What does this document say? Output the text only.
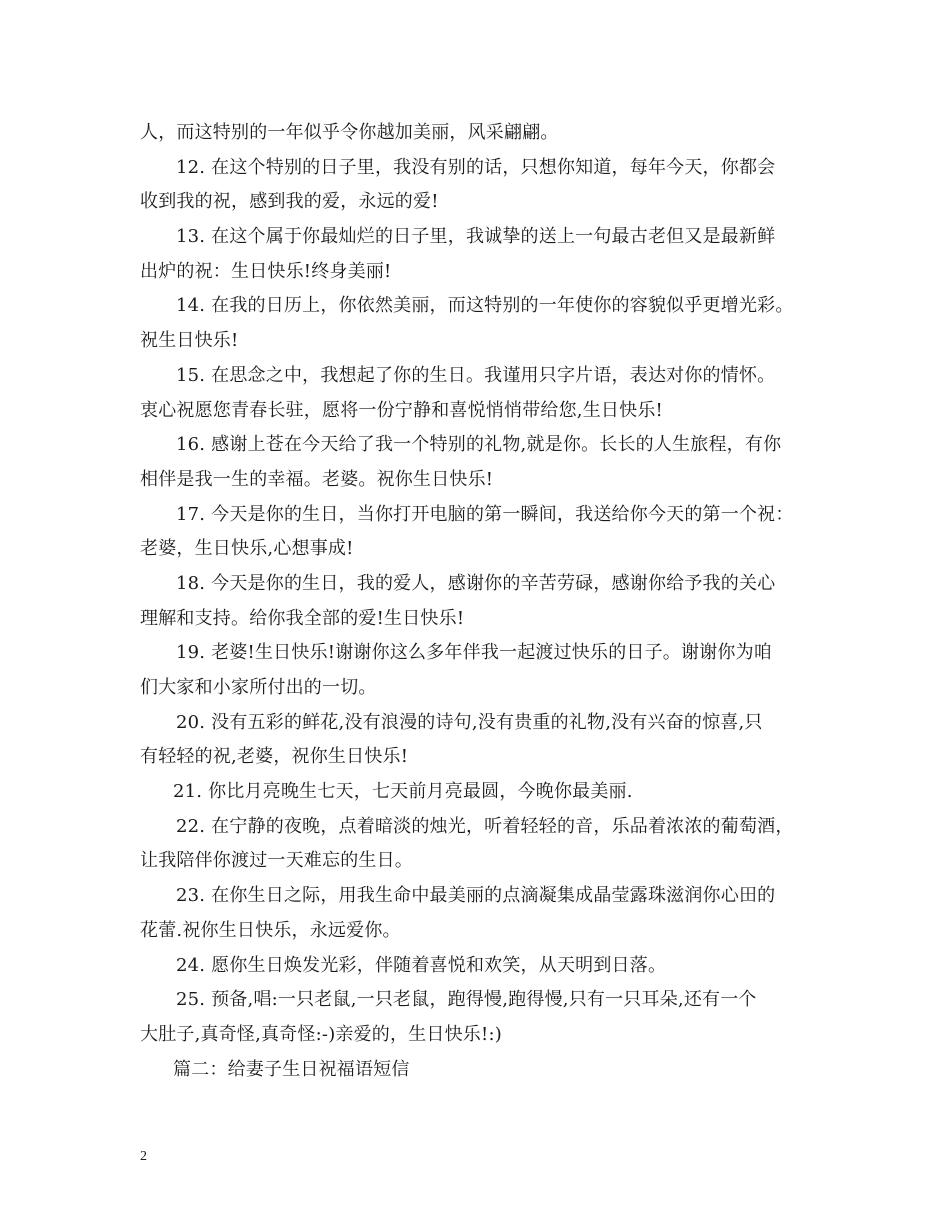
人，而这特别的一年似乎令你越加美丽，风采翩翩。
12. 在这个特别的日子里，我没有别的话，只想你知道，每年今天，你都会
收到我的祝，感到我的爱，永远的爱!
13. 在这个属于你最灿烂的日子里，我诚挚的送上一句最古老但又是最新鲜
出炉的祝：生日快乐!终身美丽!
14. 在我的日历上，你依然美丽，而这特别的一年使你的容貌似乎更增光彩。
祝生日快乐!
15. 在思念之中，我想起了你的生日。我谨用只字片语，表达对你的情怀。
衷心祝愿您青春长驻，愿将一份宁静和喜悦悄悄带给您,生日快乐!
16. 感谢上苍在今天给了我一个特别的礼物,就是你。长长的人生旅程，有你
相伴是我一生的幸福。老婆。祝你生日快乐!
17. 今天是你的生日，当你打开电脑的第一瞬间，我送给你今天的第一个祝：
老婆，生日快乐,心想事成!
18. 今天是你的生日，我的爱人，感谢你的辛苦劳碌，感谢你给予我的关心
理解和支持。给你我全部的爱!生日快乐!
19. 老婆!生日快乐!谢谢你这么多年伴我一起渡过快乐的日子。谢谢你为咱
们大家和小家所付出的一切。
20. 没有五彩的鲜花,没有浪漫的诗句,没有贵重的礼物,没有兴奋的惊喜,只
有轻轻的祝,老婆，祝你生日快乐!
21. 你比月亮晚生七天，七天前月亮最圆，今晚你最美丽.
22. 在宁静的夜晚，点着暗淡的烛光，听着轻轻的音，乐品着浓浓的葡萄酒，
让我陪伴你渡过一天难忘的生日。
23. 在你生日之际，用我生命中最美丽的点滴凝集成晶莹露珠滋润你心田的
花蕾.祝你生日快乐，永远爱你。
24. 愿你生日焕发光彩，伴随着喜悦和欢笑，从天明到日落。
25. 预备,唱:一只老鼠,一只老鼠，跑得慢,跑得慢,只有一只耳朵,还有一个
大肚子,真奇怪,真奇怪:-)亲爱的，生日快乐!:)
篇二：给妻子生日祝福语短信
2
